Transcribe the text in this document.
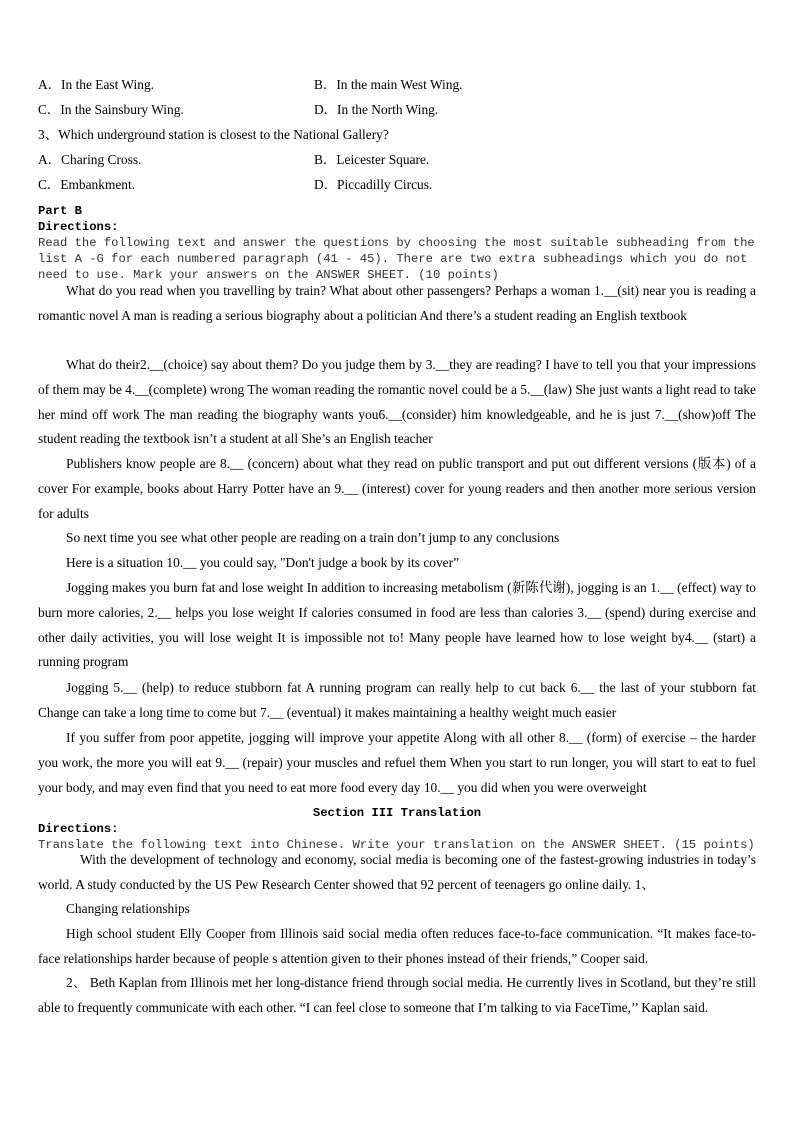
A．In the East Wing.	B．In the main West Wing.
C．In the Sainsbury Wing.	D．In the North Wing.
3、Which underground station is closest to the National Gallery?
A．Charing Cross.	B．Leicester Square.
C．Embankment.	D．Piccadilly Circus.
Part B
Directions:
Read the following text and answer the questions by choosing the most suitable subheading from the list A -G for each numbered paragraph (41 - 45). There are two extra subheadings which you do not need to use. Mark your answers on the ANSWER SHEET. (10 points)

What do you read when you travelling by train? What about other passengers? Perhaps a woman 1.__(sit) near you is reading a romantic novel A man is reading a serious biography about a politician And there’s a student reading an English textbook

What do their2.__(choice) say about them? Do you judge them by 3.__they are reading? I have to tell you that your impressions of them may be 4.__(complete) wrong The woman reading the romantic novel could be a 5.__(law) She just wants a light read to take her mind off work The man reading the biography wants you6.__(consider) him knowledgeable, and he is just 7.__(show)off The student reading the textbook isn’t a student at all She’s an English teacher

Publishers know people are 8.__ (concern) about what they read on public transport and put out different versions (版本) of a cover For example, books about Harry Potter have an 9.__ (interest) cover for young readers and then another more serious version for adults

So next time you see what other people are reading on a train don’t jump to any conclusions

Here is a situation 10.__ you could say, "Don't judge a book by its cover”

Jogging makes you burn fat and lose weight In addition to increasing metabolism (新陈代谢), jogging is an 1.__ (effect) way to burn more calories, 2.__ helps you lose weight If calories consumed in food are less than calories 3.__ (spend) during exercise and other daily activities, you will lose weight It is impossible not to! Many people have learned how to lose weight by4.__ (start) a running program

Jogging 5.__ (help) to reduce stubborn fat A running program can really help to cut back 6.__ the last of your stubborn fat Change can take a long time to come but 7.__ (eventual) it makes maintaining a healthy weight much easier

If you suffer from poor appetite, jogging will improve your appetite Along with all other 8.__ (form) of exercise – the harder you work, the more you will eat 9.__ (repair) your muscles and refuel them When you start to run longer, you will start to eat to fuel your body, and may even find that you need to eat more food every day 10.__ you did when you were overweight

Section III Translation
Directions:
Translate the following text into Chinese. Write your translation on the ANSWER SHEET. (15 points)

With the development of technology and economy, social media is becoming one of the fastest-growing industries in today’s world. A study conducted by the US Pew Research Center showed that 92 percent of teenagers go online daily. 1、

Changing relationships

High school student Elly Cooper from Illinois said social media often reduces face-to-face communication. “It makes face-to-face relationships harder because of people s attention given to their phones instead of their friends,” Cooper said.

2、 Beth Kaplan from Illinois met her long-distance friend through social media. He currently lives in Scotland, but they’re still able to frequently communicate with each other. “I can feel close to someone that I’m talking to via FaceTime,’’ Kaplan said.
